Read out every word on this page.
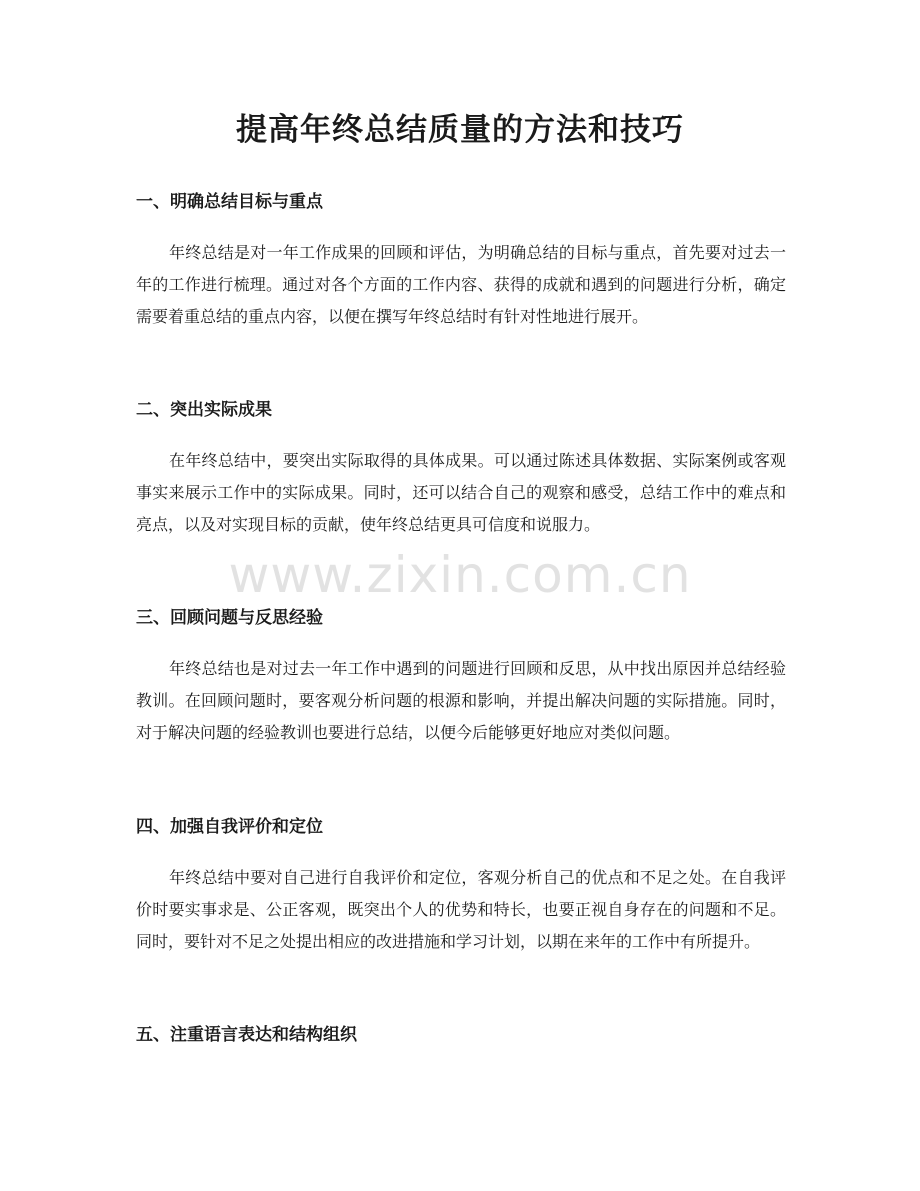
提高年终总结质量的方法和技巧
一、明确总结目标与重点

年终总结是对一年工作成果的回顾和评估，为明确总结的目标与重点，首先要对过去一年的工作进行梳理。通过对各个方面的工作内容、获得的成就和遇到的问题进行分析，确定需要着重总结的重点内容，以便在撰写年终总结时有针对性地进行展开。

二、突出实际成果

在年终总结中，要突出实际取得的具体成果。可以通过陈述具体数据、实际案例或客观事实来展示工作中的实际成果。同时，还可以结合自己的观察和感受，总结工作中的难点和亮点，以及对实现目标的贡献，使年终总结更具可信度和说服力。

三、回顾问题与反思经验

年终总结也是对过去一年工作中遇到的问题进行回顾和反思，从中找出原因并总结经验教训。在回顾问题时，要客观分析问题的根源和影响，并提出解决问题的实际措施。同时，对于解决问题的经验教训也要进行总结，以便今后能够更好地应对类似问题。

四、加强自我评价和定位

年终总结中要对自己进行自我评价和定位，客观分析自己的优点和不足之处。在自我评价时要实事求是、公正客观，既突出个人的优势和特长，也要正视自身存在的问题和不足。同时，要针对不足之处提出相应的改进措施和学习计划，以期在来年的工作中有所提升。

五、注重语言表达和结构组织
www.zixin.com.cn
